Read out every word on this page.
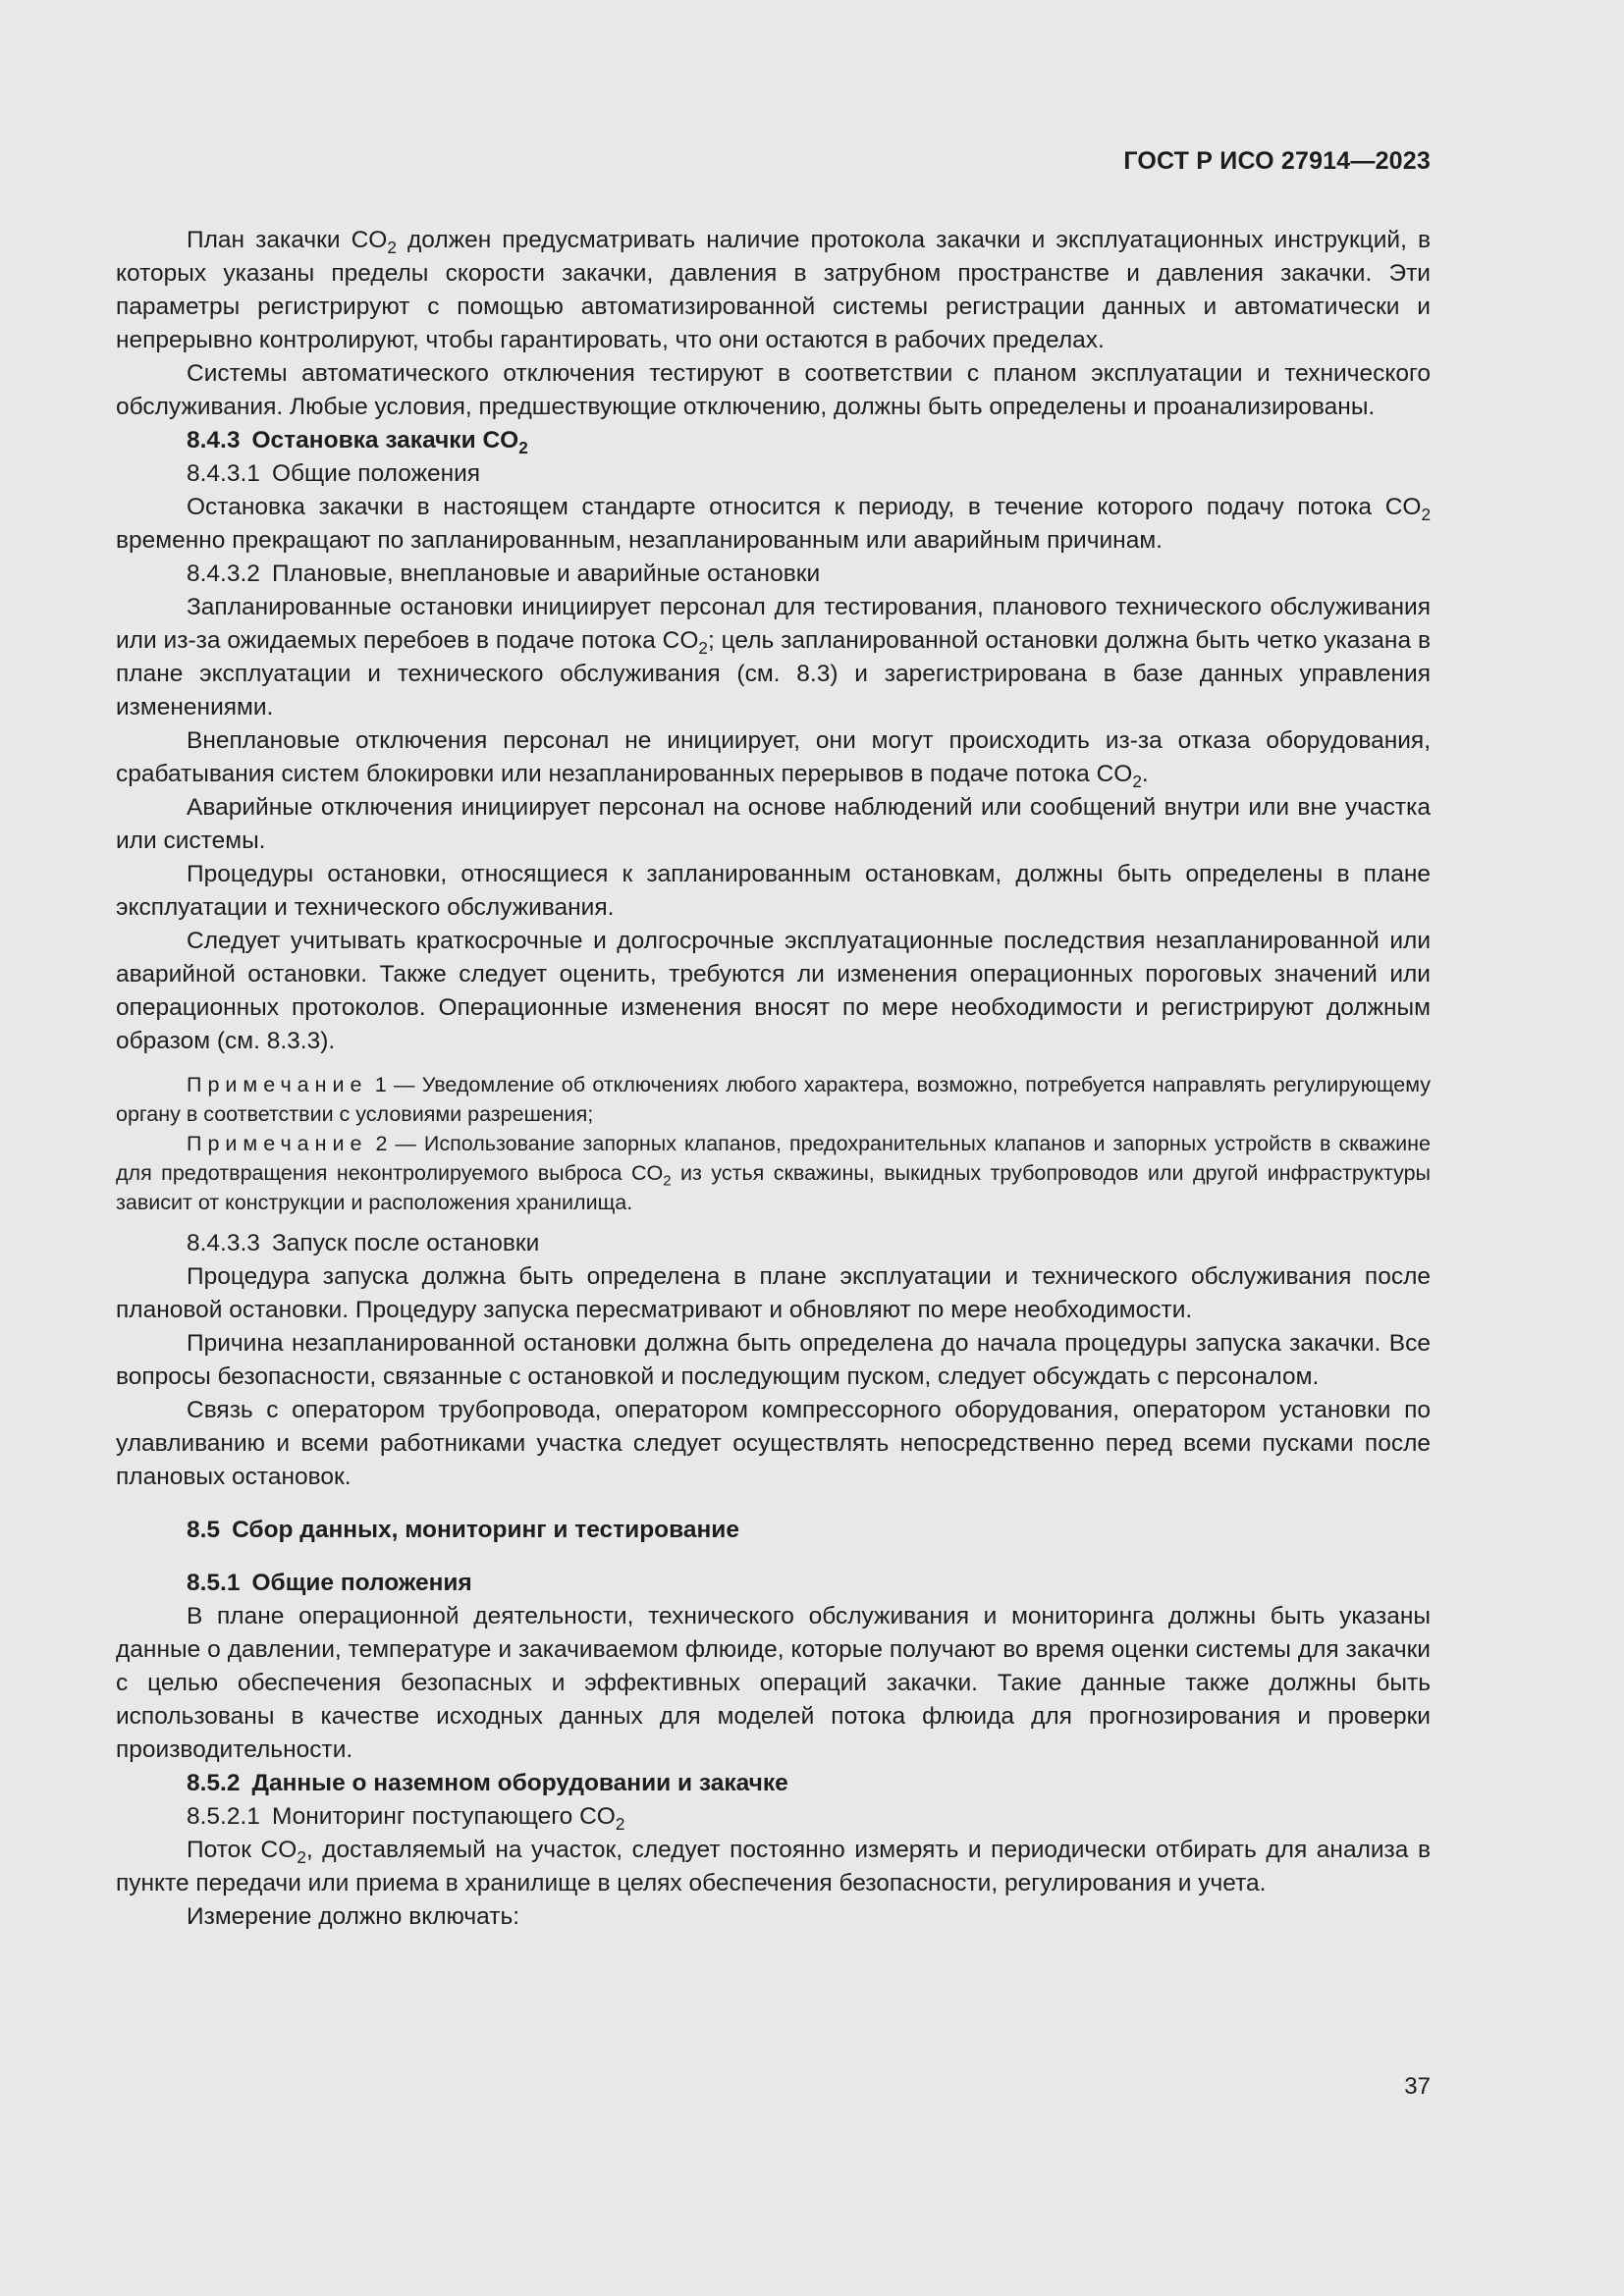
ГОСТ Р ИСО 27914—2023

План закачки $CO_2$ должен предусматривать наличие протокола закачки и эксплуатационных инструкций, в которых указаны пределы скорости закачки, давления в затрубном пространстве и давления закачки. Эти параметры регистрируют с помощью автоматизированной системы регистрации данных и автоматически и непрерывно контролируют, чтобы гарантировать, что они остаются в рабочих пределах.

Системы автоматического отключения тестируют в соответствии с планом эксплуатации и технического обслуживания. Любые условия, предшествующие отключению, должны быть определены и проанализированы.

8.4.3 Остановка закачки $CO_2$

8.4.3.1 Общие положения

Остановка закачки в настоящем стандарте относится к периоду, в течение которого подачу потока $CO_2$ временно прекращают по запланированным, незапланированным или аварийным причинам.

8.4.3.2 Плановые, внеплановые и аварийные остановки

Запланированные остановки инициирует персонал для тестирования, планового технического обслуживания или из-за ожидаемых перебоев в подаче потока $CO_2$; цель запланированной остановки должна быть четко указана в плане эксплуатации и технического обслуживания (см. 8.3) и зарегистрирована в базе данных управления изменениями.

Внеплановые отключения персонал не инициирует, они могут происходить из-за отказа оборудования, срабатывания систем блокировки или незапланированных перерывов в подаче потока $CO_2$.

Аварийные отключения инициирует персонал на основе наблюдений или сообщений внутри или вне участка или системы.

Процедуры остановки, относящиеся к запланированным остановкам, должны быть определены в плане эксплуатации и технического обслуживания.

Следует учитывать краткосрочные и долгосрочные эксплуатационные последствия незапланированной или аварийной остановки. Также следует оценить, требуются ли изменения операционных пороговых значений или операционных протоколов. Операционные изменения вносят по мере необходимости и регистрируют должным образом (см. 8.3.3).

Примечание 1 — Уведомление об отключениях любого характера, возможно, потребуется направлять регулирующему органу в соответствии с условиями разрешения;

Примечание 2 — Использование запорных клапанов, предохранительных клапанов и запорных устройств в скважине для предотвращения неконтролируемого выброса $CO_2$ из устья скважины, выкидных трубопроводов или другой инфраструктуры зависит от конструкции и расположения хранилища.

8.4.3.3 Запуск после остановки

Процедура запуска должна быть определена в плане эксплуатации и технического обслуживания после плановой остановки. Процедуру запуска пересматривают и обновляют по мере необходимости.

Причина незапланированной остановки должна быть определена до начала процедуры запуска закачки. Все вопросы безопасности, связанные с остановкой и последующим пуском, следует обсуждать с персоналом.

Связь с оператором трубопровода, оператором компрессорного оборудования, оператором установки по улавливанию и всеми работниками участка следует осуществлять непосредственно перед всеми пусками после плановых остановок.

8.5 Сбор данных, мониторинг и тестирование

8.5.1 Общие положения

В плане операционной деятельности, технического обслуживания и мониторинга должны быть указаны данные о давлении, температуре и закачиваемом флюиде, которые получают во время оценки системы для закачки с целью обеспечения безопасных и эффективных операций закачки. Такие данные также должны быть использованы в качестве исходных данных для моделей потока флюида для прогнозирования и проверки производительности.

8.5.2 Данные о наземном оборудовании и закачке

8.5.2.1 Мониторинг поступающего $CO_2$

Поток $CO_2$, доставляемый на участок, следует постоянно измерять и периодически отбирать для анализа в пункте передачи или приема в хранилище в целях обеспечения безопасности, регулирования и учета.

Измерение должно включать:

37
